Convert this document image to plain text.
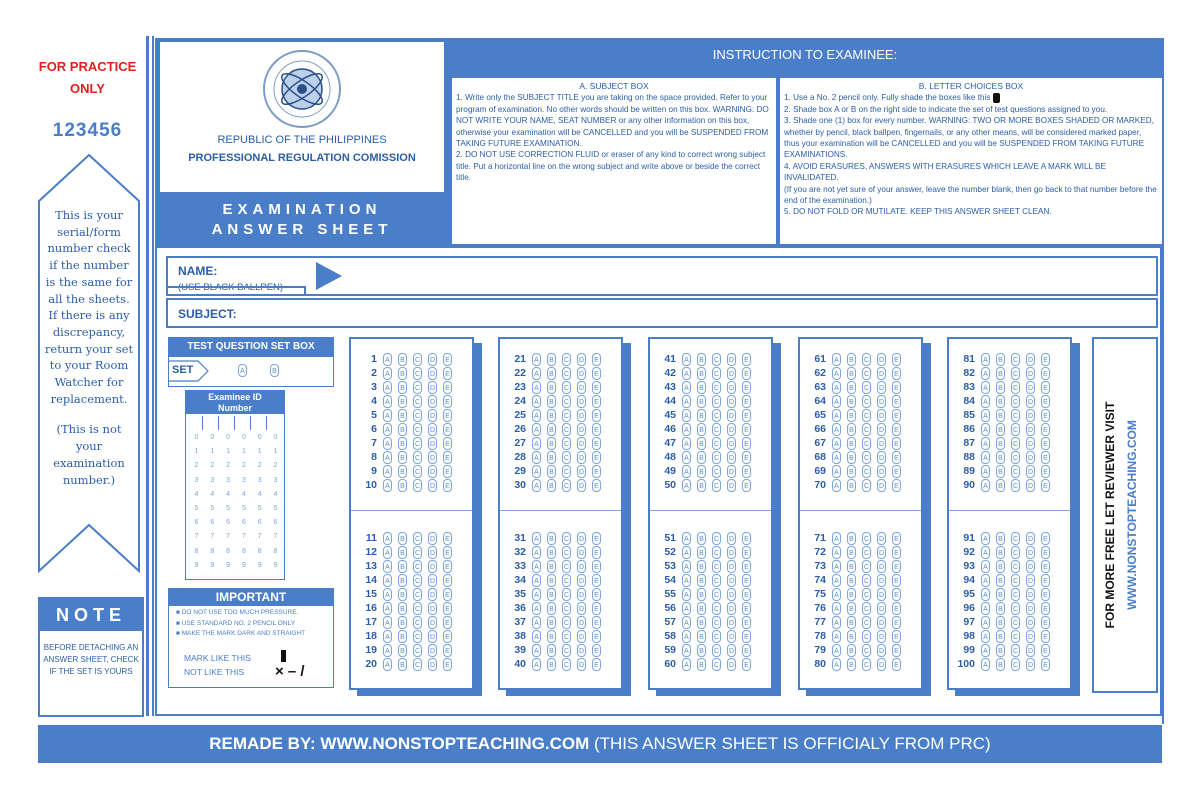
FOR PRACTICE
ONLY
123456
This is your
serial/form
number check
if the number
is the same for
all the sheets.
If there is any
discrepancy,
return your set
to your Room
Watcher for
replacement.
(This is not
your
examination
number.)
NOTE
BEFORE DETACHING AN ANSWER SHEET, CHECK IF THE SET IS YOURS
REPUBLIC OF THE PHILIPPINES
PROFESSIONAL REGULATION COMISSION
EXAMINATION
ANSWER SHEET
INSTRUCTION TO EXAMINEE:
A. SUBJECT BOX
1. Write only the SUBJECT TITLE you are taking on the space provided. Refer to your program of examination. No other words should be written on this box. WARNING: DO NOT WRITE YOUR NAME, SEAT NUMBER or any other information on this box, otherwise your examination will be CANCELLED and you will be SUSPENDED FROM TAKING FUTURE EXAMINATION.
2. DO NOT USE CORRECTION FLUID or eraser of any kind to correct wrong subject title. Put a horizontal line on the wrong subject and write above or beside the correct title.
B. LETTER CHOICES BOX
1. Use a No. 2 pencil only. Fully shade the boxes like this
2. Shade box A or B on the right side to indicate the set of test questions assigned to you.
3. Shade one (1) box for every number. WARNING: TWO OR MORE BOXES SHADED OR MARKED, whether by pencil, black ballpen, fingernails, or any other means, will be considered marked paper, thus your examination will be CANCELLED and you will be SUSPENDED FROM TAKING FUTURE EXAMINATIONS.
4. AVOID ERASURES, ANSWERS WITH ERASURES WHICH LEAVE A MARK WILL BE INVALIDATED.
(If you are not yet sure of your answer, leave the number blank, then go back to that number before the end of the examination.)
5. DO NOT FOLD OR MUTILATE. KEEP THIS ANSWER SHEET CLEAN.
NAME:
(USE BLACK BALLPEN)
SUBJECT:
TEST QUESTION SET BOX
SET	A	B
Examinee ID
Number
0	0	0	0	0	0
1	1	1	1	1	1
2	2	2	2	2	2
3	3	3	3	3	3
4	4	4	4	4	4
5	5	5	5	5	5
6	6	6	6	6	6
7	7	7	7	7	7
8	8	8	8	8	8
9	9	9	9	9	9
IMPORTANT
■ DO NOT USE TOO MUCH PRESSURE.
■ USE STANDARD NO. 2 PENCIL ONLY
■ MAKE THE MARK DARK AND STRAIGHT
MARK LIKE THIS
NOT LIKE THIS × – /
1	A	B	C D	E
2	A	B	C D	E
3	A	B	C D	E
4	A	B	C D	E
5	A	B	C D	E
6	A	B	C D	E
7	A	B	C D	E
8	A	B	C D	E
9	A	B	C D	E
10	A	B	C D	E
11	A	B	C D	E
12	A	B	C D	E
13	A	B	C D	E
14	A	B	C D	E
15	A	B	C D	E
16	A	B	C D	E
17	A	B	C D	E
18	A	B	C D	E
19	A	B	C D	E
20	A	B	C D	E
21	A	B	C D	E
22	A	B	C D	E
23	A	B	C D	E
24	A	B	C D	E
25	A	B	C D	E
26	A	B	C D	E
27	A	B	C D	E
28	A	B	C D	E
29	A	B	C D	E
30	A	B	C D	E
31	A	B	C D	E
32	A	B	C D	E
33	A	B	C D	E
34	A	B	C D	E
35	A	B	C D	E
36	A	B	C D	E
37	A	B	C D	E
38	A	B	C D	E
39	A	B	C D	E
40	A	B	C D	E
41	A	B	C D	E
42	A	B	C D	E
43	A	B	C D	E
44	A	B	C D	E
45	A	B	C D	E
46	A	B	C D	E
47	A	B	C D	E
48	A	B	C D	E
49	A	B	C D	E
50	A	B	C D	E
51	A	B	C D	E
52	A	B	C D	E
53	A	B	C D	E
54	A	B	C D	E
55	A	B	C D	E
56	A	B	C D	E
57	A	B	C D	E
58	A	B	C D	E
59	A	B	C D	E
60	A	B	C D	E
61	A	B	C D	E
62	A	B	C D	E
63	A	B	C D	E
64	A	B	C D	E
65	A	B	C D	E
66	A	B	C D	E
67	A	B	C D	E
68	A	B	C D	E
69	A	B	C D	E
70	A	B	C D	E
71	A	B	C D	E
72	A	B	C D	E
73	A	B	C D	E
74	A	B	C D	E
75	A	B	C D	E
76	A	B	C D	E
77	A	B	C D	E
78	A	B	C D	E
79	A	B	C D	E
80	A	B	C D	E
81	A	B	C D	E
82	A	B	C D	E
83	A	B	C D	E
84	A	B	C D	E
85	A	B	C D	E
86	A	B	C D	E
87	A	B	C D	E
88	A	B	C D	E
89	A	B	C D	E
90	A	B	C D	E
91	A	B	C D	E
92	A	B	C D	E
93	A	B	C D	E
94	A	B	C D	E
95	A	B	C D	E
96	A	B	C D	E
97	A	B	C D	E
98	A	B	C D	E
99	A	B	C D	E
100	A	B	C D	E
FOR MORE FREE LET REVIEWER VISIT WWW.NONSTOPTEACHING.COM
REMADE BY: WWW.NONSTOPTEACHING.COM (THIS ANSWER SHEET IS OFFICIALY FROM PRC)
